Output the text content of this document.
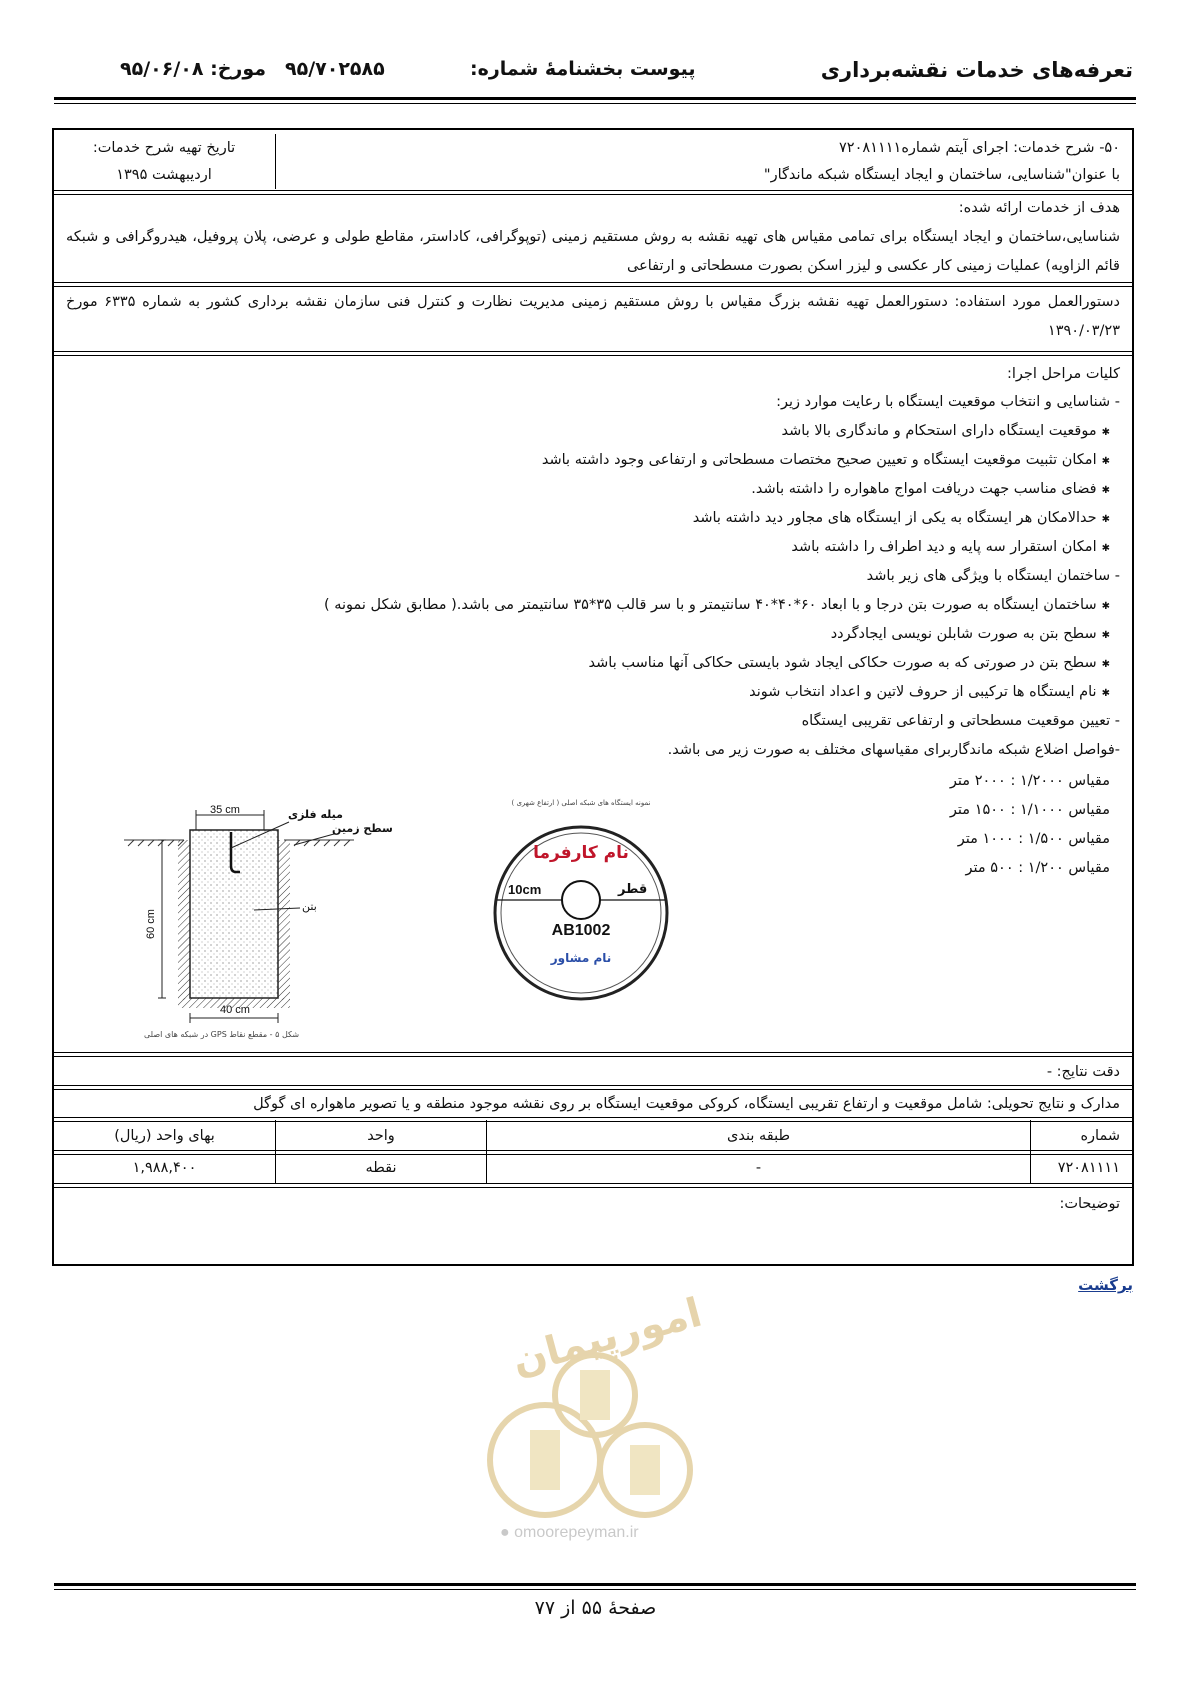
تعرفه‌های خدمات نقشه‌برداری
پیوست بخشنامهٔ شماره:
۹۵/۷۰۲۵۸۵
مورخ: ۹۵/۰۶/۰۸
۵۰- شرح خدمات: اجرای آیتم شماره۷۲۰۸۱۱۱۱
با عنوان"شناسایی، ساختمان و ایجاد ایستگاه شبکه ماندگار"
تاریخ تهیه شرح خدمات:
اردیبهشت ۱۳۹۵
هدف از خدمات ارائه شده:
شناسایی،ساختمان و ایجاد ایستگاه برای تمامی مقیاس های تهیه نقشه به روش مستقیم زمینی (توپوگرافی، کاداستر، مقاطع طولی و عرضی، پلان پروفیل، هیدروگرافی و شبکه قائم الزاویه) عملیات زمینی کار عکسی و لیزر اسکن بصورت مسطحاتی و ارتفاعی
دستورالعمل مورد استفاده: دستورالعمل تهیه نقشه بزرگ مقیاس با روش مستقیم زمینی مدیریت نظارت و کنترل فنی سازمان نقشه برداری کشور به شماره ۶۳۳۵ مورخ ۱۳۹۰/۰۳/۲۳
کلیات مراحل اجرا:
- شناسایی و انتخاب موقعیت ایستگاه با رعایت موارد زیر:
✱ موقعیت ایستگاه دارای استحکام و ماندگاری بالا باشد
✱ امکان تثبیت موقعیت ایستگاه و تعیین صحیح مختصات مسطحاتی و ارتفاعی وجود داشته باشد
✱ فضای مناسب جهت دریافت امواج ماهواره را داشته باشد.
✱ حدالامکان هر ایستگاه به یکی از ایستگاه های مجاور دید داشته باشد
✱ امکان استقرار سه پایه و دید اطراف را داشته باشد
- ساختمان ایستگاه با ویژگی های زیر باشد
✱ ساختمان ایستگاه به صورت بتن درجا و با ابعاد ۶۰*۴۰*۴۰ سانتیمتر و با سر قالب ۳۵*۳۵ سانتیمتر می باشد.( مطابق شکل نمونه )
✱ سطح بتن به صورت شابلن نویسی ایجادگردد
✱ سطح بتن در صورتی که به صورت حکاکی ایجاد شود بایستی حکاکی آنها مناسب باشد
✱ نام ایستگاه ها ترکیبی از حروف لاتین و اعداد انتخاب شوند
- تعیین موقعیت مسطحاتی و ارتفاعی تقریبی ایستگاه
-فواصل اضلاع شبکه ماندگاربرای مقیاسهای مختلف به صورت زیر می باشد.
مقیاس ۱/۲۰۰۰ : ۲۰۰۰ متر
مقیاس ۱/۱۰۰۰ : ۱۵۰۰ متر
مقیاس ۱/۵۰۰ : ۱۰۰۰ متر
مقیاس ۱/۲۰۰ : ۵۰۰ متر
35 cm
60 cm
40 cm
میله فلزی
سطح زمین
بتن
شکل ۵ - مقطع نقاط GPS در شبکه های اصلی
نمونه ایستگاه های شبکه اصلی ( ارتفاع شهری )
نام کارفرما
10cm	قطر
AB1002
نام مشاور
دقت نتایج: -
مدارک و نتایج تحویلی: شامل موقعیت و ارتفاع تقریبی ایستگاه، کروکی موقعیت ایستگاه بر روی نقشه موجود منطقه و یا تصویر ماهواره ای گوگل
بهای واحد (ریال)	واحد	طبقه بندی	شماره
۱,۹۸۸,۴۰۰	نقطه	-	۷۲۰۸۱۱۱۱
توضیحات:
برگشت
امورپیمان
● omoorepeyman.ir
صفحهٔ ۵۵ از ۷۷
